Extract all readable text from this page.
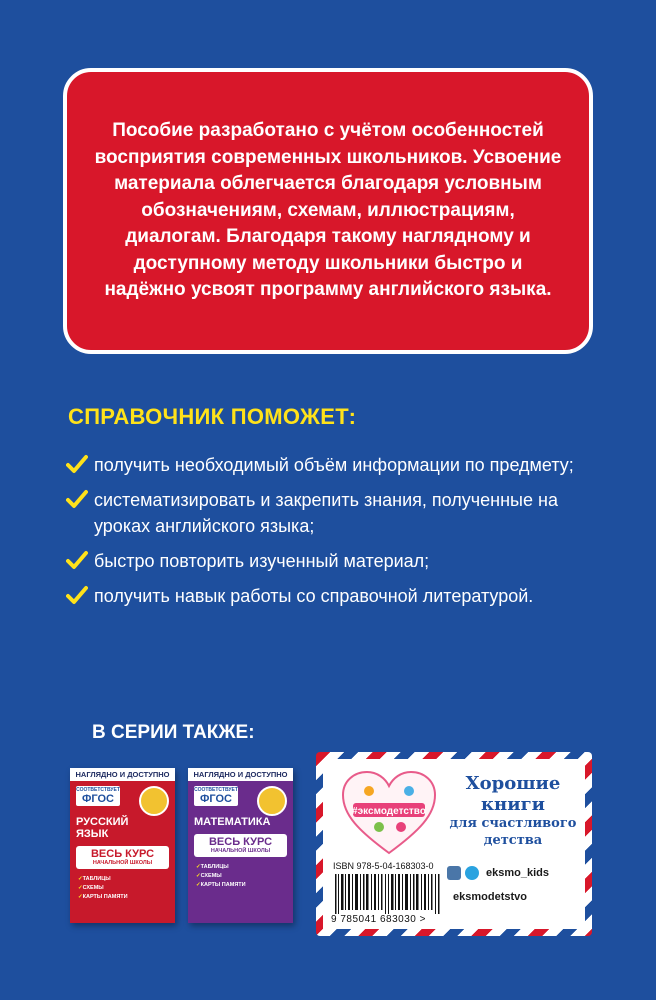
Пособие разработано с учётом особенностей восприятия современных школьников. Усвоение материала облегчается благодаря условным обозначениям, схемам, иллюстрациям, диалогам. Благодаря такому наглядному и доступному методу школьники быстро и надёжно усвоят программу английского языка.

СПРАВОЧНИК ПОМОЖЕТ:
получить необходимый объём информации по предмету;
систематизировать и закрепить знания, полученные на уроках английского языка;
быстро повторить изученный материал;
получить навык работы со справочной литературой.
В СЕРИИ ТАКЖЕ:
НАГЛЯДНО И ДОСТУПНО
СООТВЕТСТВУЕТ
ФГОС
РУССКИЙ
ЯЗЫК
ВЕСЬ КУРС
НАЧАЛЬНОЙ ШКОЛЫ
✓ ТАБЛИЦЫ
✓ СХЕМЫ
✓ КАРТЫ ПАМЯТИ
НАГЛЯДНО И ДОСТУПНО
СООТВЕТСТВУЕТ
ФГОС
МАТЕМАТИКА
ВЕСЬ КУРС
НАЧАЛЬНОЙ ШКОЛЫ
✓ ТАБЛИЦЫ
✓ СХЕМЫ
✓ КАРТЫ ПАМЯТИ
#эксмодетство

ISBN 978-5-04-168303-0

9 785041 683030 >

Хорошие
книги
для счастливого
детства

eksmo_kids

eksmodetstvo
